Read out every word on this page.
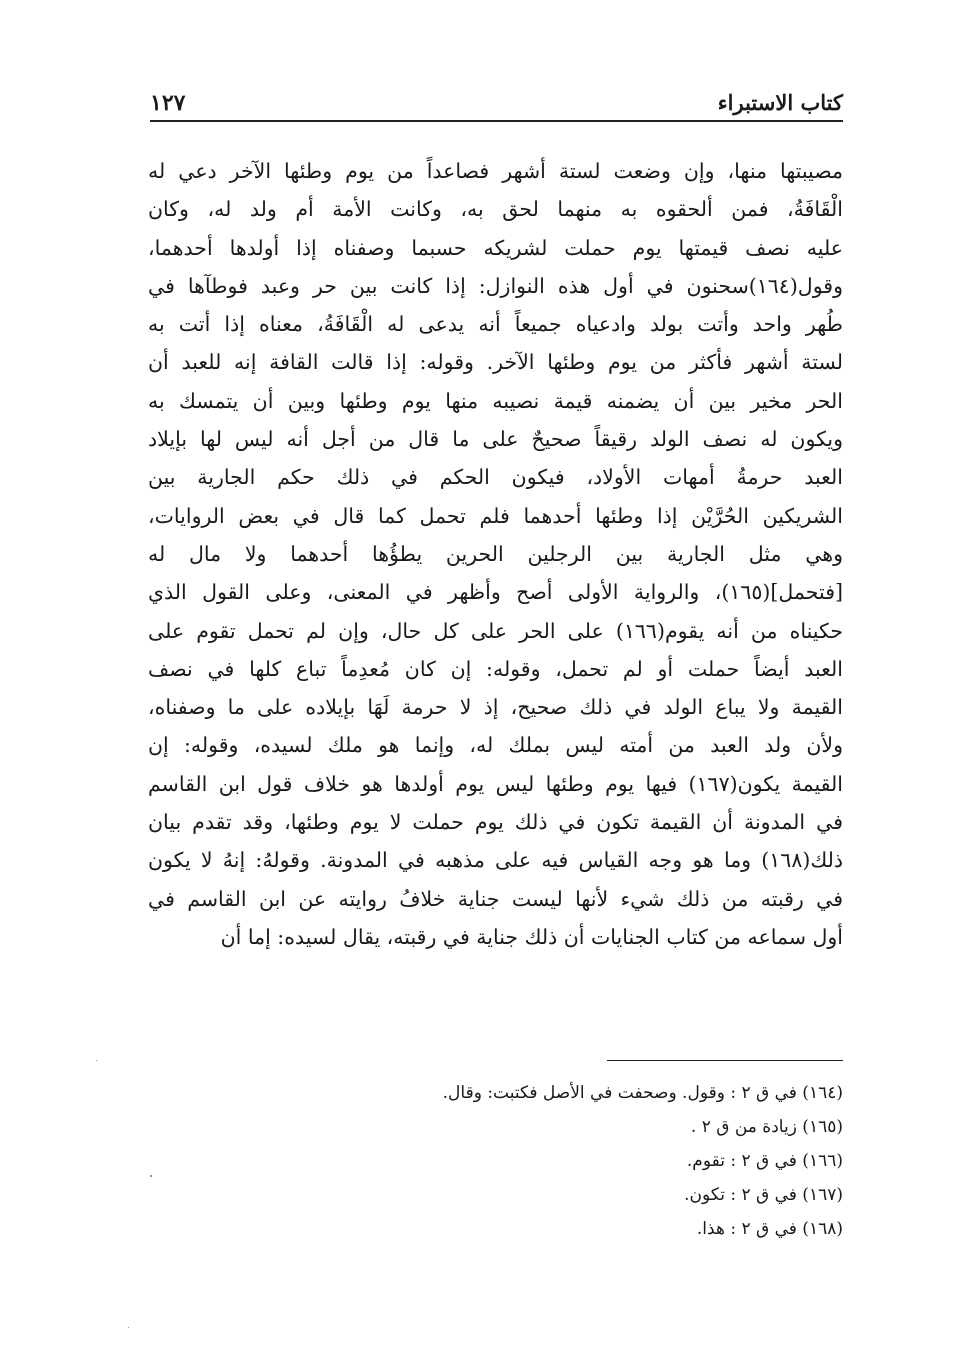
كتاب الاستبراء
١٢٧
مصيبتها منها، وإن وضعت لستة أشهر فصاعداً من يوم وطئها الآخر دعي له
الْقَافَةُ، فمن ألحقوه به منهما لحق به، وكانت الأمة أم ولد له، وكان
عليه نصف قيمتها يوم حملت لشريكه حسبما وصفناه إذا أولدها أحدهما،
وقول(١٦٤)سحنون في أول هذه النوازل: إذا كانت بين حر وعبد فوطآها في
طُهر واحد وأتت بولد وادعياه جميعاً أنه يدعى له الْقَافَةُ، معناه إذا أتت به
لستة أشهر فأكثر من يوم وطئها الآخر. وقوله: إذا قالت القافة إنه للعبد أن
الحر مخير بين أن يضمنه قيمة نصيبه منها يوم وطئها وبين أن يتمسك به
ويكون له نصف الولد رقيقاً صحيحٌ على ما قال من أجل أنه ليس لها بإيلاد
العبد حرمةُ أمهات الأولاد، فيكون الحكم في ذلك حكم الجارية بين
الشريكين الحُرَّيْن إذا وطئها أحدهما فلم تحمل كما قال في بعض الروايات،
وهي مثل الجارية بين الرجلين الحرين يطؤُها أحدهما ولا مال له
[فتحمل](١٦٥)، والرواية الأولى أصح وأظهر في المعنى، وعلى القول الذي
حكيناه من أنه يقوم(١٦٦) على الحر على كل حال، وإن لم تحمل تقوم على
العبد أيضاً حملت أو لم تحمل، وقوله: إن كان مُعدِماً تباع كلها في نصف
القيمة ولا يباع الولد في ذلك صحيح، إذ لا حرمة لَهَا بإيلاده على ما وصفناه،
ولأن ولد العبد من أمته ليس بملك له، وإنما هو ملك لسيده، وقوله: إن
القيمة يكون(١٦٧) فيها يوم وطئها ليس يوم أولدها هو خلاف قول ابن القاسم
في المدونة أن القيمة تكون في ذلك يوم حملت لا يوم وطئها، وقد تقدم بيان
ذلك(١٦٨) وما هو وجه القياس فيه على مذهبه في المدونة. وقولهُ: إنهُ لا يكون
في رقبته من ذلك شيء لأنها ليست جناية خلافُ روايته عن ابن القاسم في
أول سماعه من كتاب الجنايات أن ذلك جناية في رقبته، يقال لسيده: إما أن
(١٦٤) في ق ٢ : وقول. وصحفت في الأصل فكتبت: وقال.
(١٦٥) زيادة من ق ٢ .
(١٦٦) في ق ٢ : تقوم.
(١٦٧) في ق ٢ : تكون.
(١٦٨) في ق ٢ : هذا.
